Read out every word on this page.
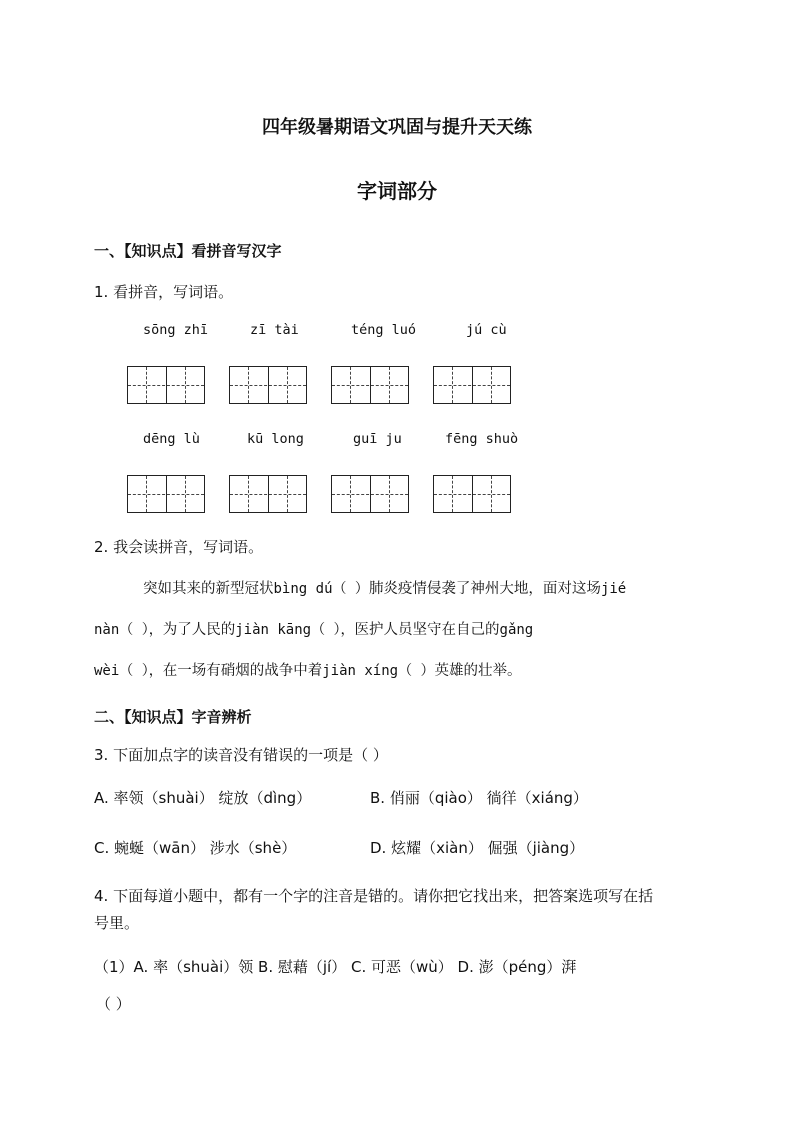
四年级暑期语文巩固与提升天天练
字词部分
一、【知识点】看拼音写汉字
1. 看拼音，写词语。
sōng zhī	zī tài	téng luó	jú cù
dēng lù	kū long	guī ju	fēng shuò
2. 我会读拼音，写词语。
突如其来的新型冠状bìng dú（ ）肺炎疫情侵袭了神州大地，面对这场jié
nàn（ ），为了人民的jiàn kāng（ ），医护人员坚守在自己的gǎng
wèi（ ），在一场有硝烟的战争中着jiàn xíng（ ）英雄的壮举。
二、【知识点】字音辨析
3. 下面加点字的读音没有错误的一项是（ ）
A. 率领（shuài） 绽放（dìng）	B. 俏丽（qiào） 徜徉（xiáng）
C. 蜿蜒（wān） 涉水（shè）	D. 炫耀（xiàn） 倔强（jiàng）
4. 下面每道小题中，都有一个字的注音是错的。请你把它找出来，把答案选项写在括
号里。
（1）A. 率（shuài）领 B. 慰藉（jí） C. 可恶（wù） D. 澎（péng）湃
（ ）
